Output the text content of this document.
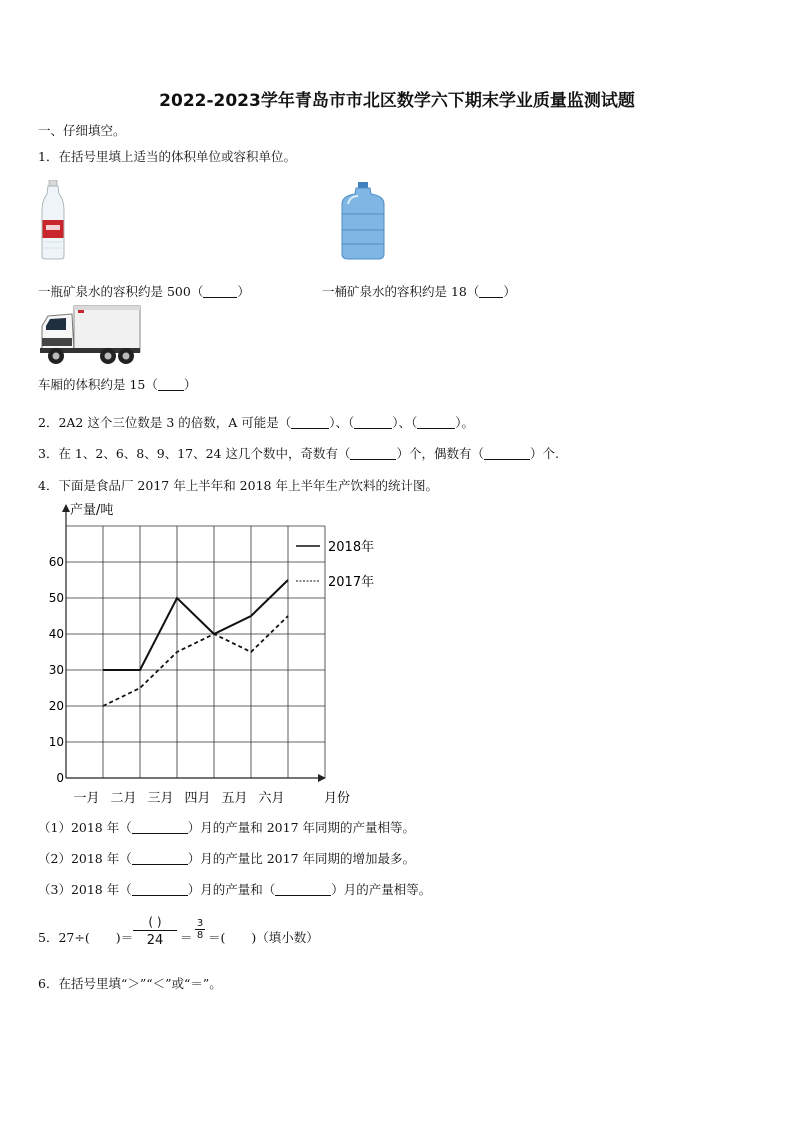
2022-2023学年青岛市市北区数学六下期末学业质量监测试题
一、仔细填空。
1．在括号里填上适当的体积单位或容积单位。
一瓶矿泉水的容积约是 500（	）	一桶矿泉水的容积约是 18（ ）
车厢的体积约是 15（ ）
2．2A2 这个三位数是 3 的倍数，A 可能是（	）、（	）、（	）。
3．在 1、2、6、8、9、17、24 这几个数中，奇数有（	）个，偶数有（	）个.
4．下面是食品厂 2017 年上半年和 2018 年上半年生产饮料的统计图。
产量/吨
月份
0
10
20
30
40
50
60
一月 二月 三月 四月 五月 六月
2018年
2017年
（1）2018 年（	）月的产量和 2017 年同期的产量相等。
（2）2018 年（	）月的产量比 2017 年同期的增加最多。
（3）2018 年（	）月的产量和（	）月的产量相等。
5．27÷( )＝
( )
24	＝
3
8 ＝( )（填小数）
6．在括号里填“＞”“＜”或“＝”。
